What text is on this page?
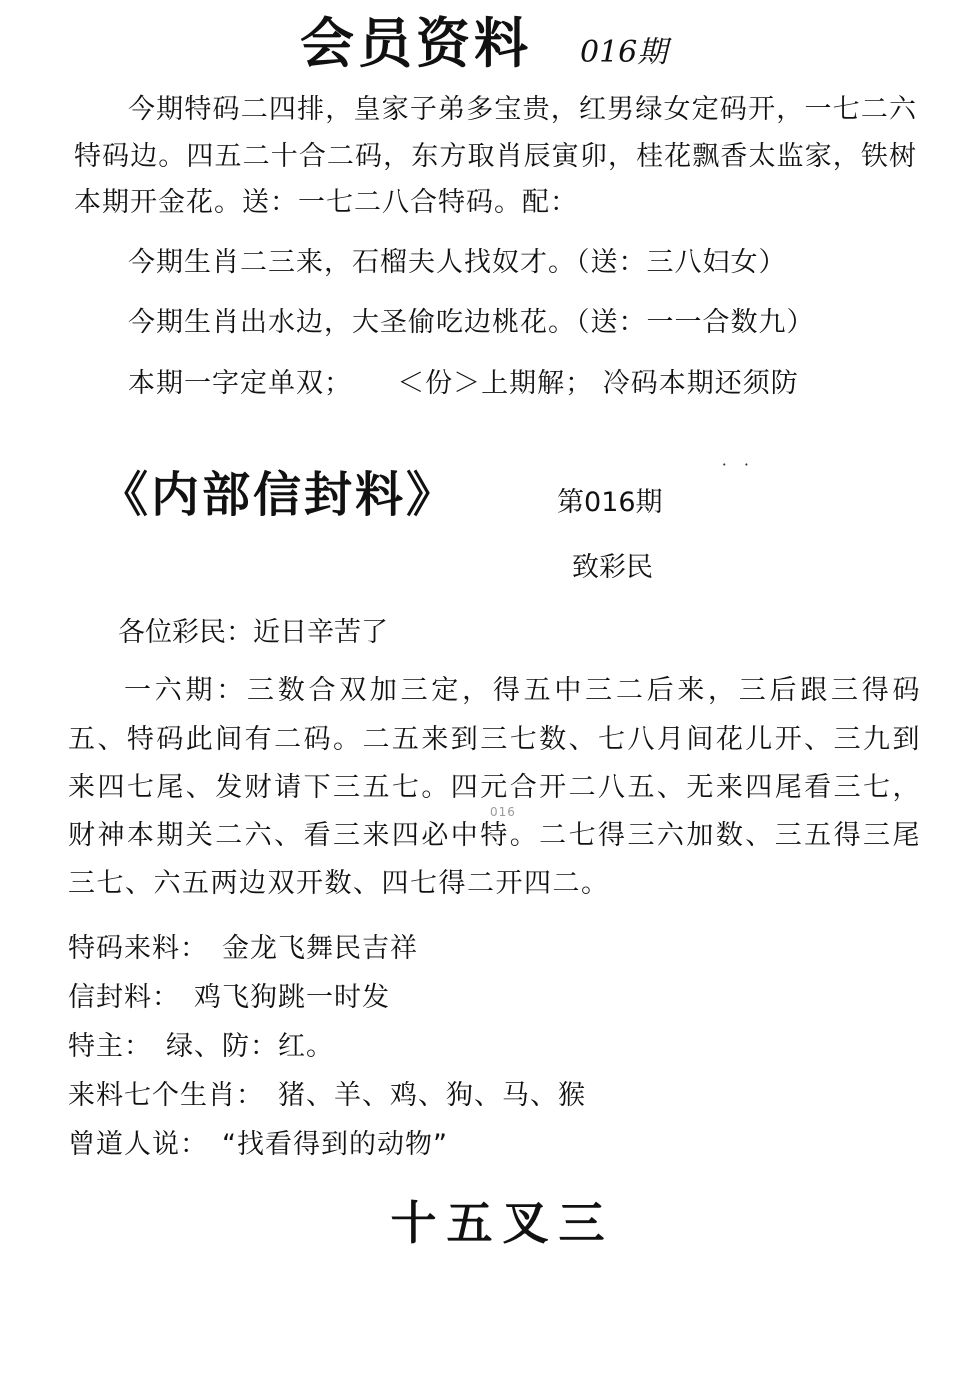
会员资料 016期
今期特码二四排，皇家子弟多宝贵，红男绿女定码开，一七二六特码边。四五二十合二码，东方取肖辰寅卯，桂花飘香太监家，铁树本期开金花。送：一七二八合特码。配：
今期生肖二三来，石榴夫人找奴才。（送：三八妇女）
今期生肖出水边，大圣偷吃边桃花。（送：一一合数九）
本期一字定单双； ＜份＞上期解； 冷码本期还须防
· ·
《内部信封料》	第016期
致彩民
各位彩民：近日辛苦了
一六期：三数合双加三定，得五中三二后来，三后跟三得码五、特码此间有二码。二五来到三七数、七八月间花儿开、三九到来四七尾、发财请下三五七。四元合开二八五、无来四尾看三七，财神本期关二六、看三来四必中特。二七得三六加数、三五得三尾三七、六五两边双开数、四七得二开四二。
016
特码来料： 金龙飞舞民吉祥
信封料： 鸡飞狗跳一时发
特主： 绿、防：红。
来料七个生肖： 猪、羊、鸡、狗、马、猴
曾道人说： “找看得到的动物”
十五叉三
